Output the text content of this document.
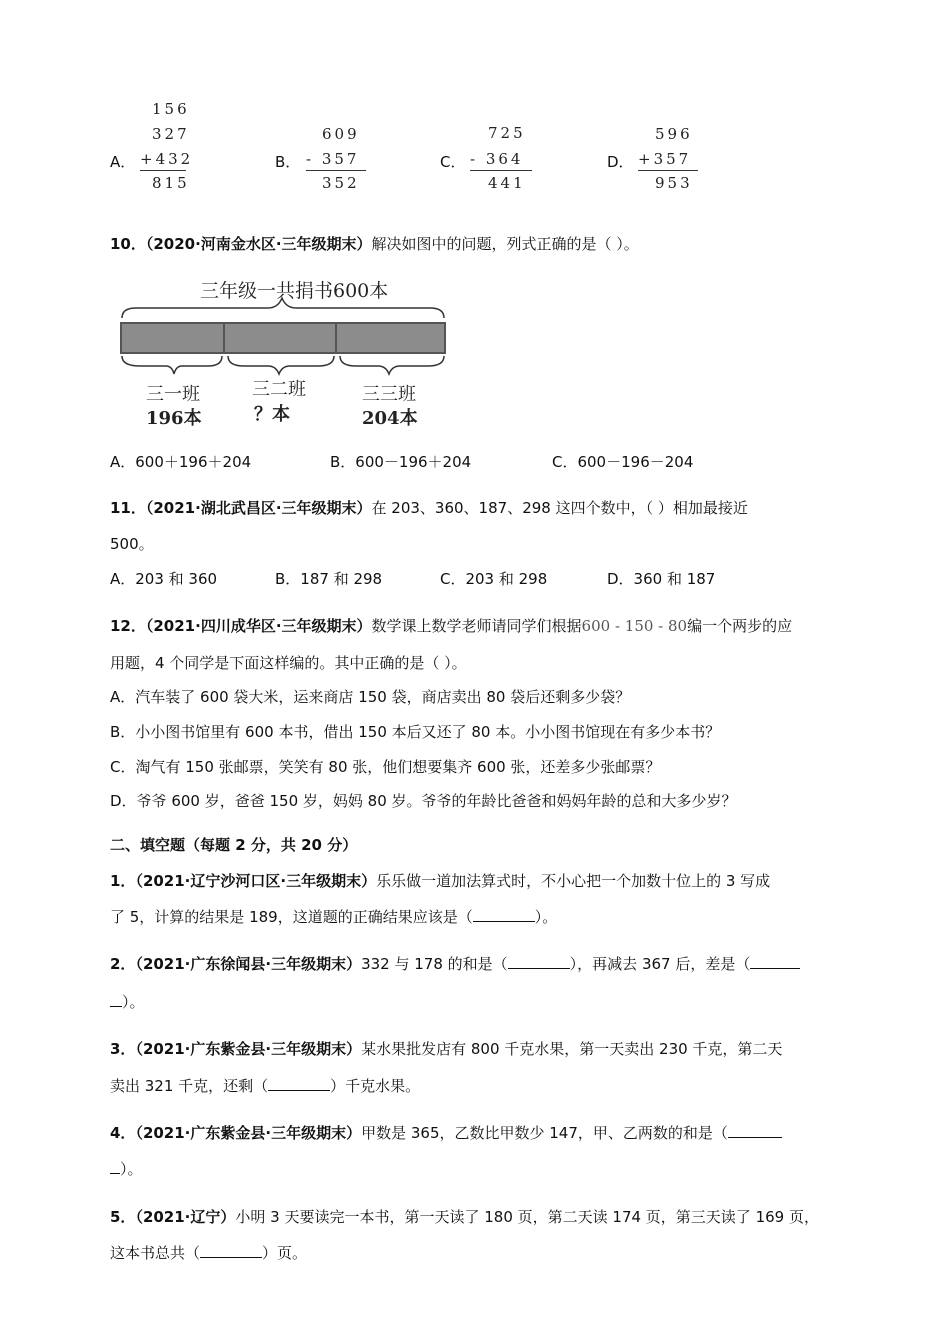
156
327
A． +432
815
609
B． - 357
352
725
C． - 364
441
596
D． +357
953
10．（2020·河南金水区·三年级期末）解决如图中的问题，列式正确的是（ ）。
三年级一共捐书600本
三一班
196本
三二班
？本
三三班
204本
A．600＋196＋204	B．600－196＋204	C．600－196－204
11．（2021·湖北武昌区·三年级期末）在 203、360、187、298 这四个数中，（ ）相加最接近
500。
A．203 和 360	B．187 和 298	C．203 和 298	D．360 和 187
12．（2021·四川成华区·三年级期末）数学课上数学老师请同学们根据600 - 150 - 80编一个两步的应
用题，4 个同学是下面这样编的。其中正确的是（ ）。
A．汽车装了 600 袋大米，运来商店 150 袋，商店卖出 80 袋后还剩多少袋？
B．小小图书馆里有 600 本书，借出 150 本后又还了 80 本。小小图书馆现在有多少本书？
C．淘气有 150 张邮票，笑笑有 80 张，他们想要集齐 600 张，还差多少张邮票？
D．爷爷 600 岁，爸爸 150 岁，妈妈 80 岁。爷爷的年龄比爸爸和妈妈年龄的总和大多少岁？
二、填空题（每题 2 分，共 20 分）
1．（2021·辽宁沙河口区·三年级期末）乐乐做一道加法算式时，不小心把一个加数十位上的 3 写成
了 5，计算的结果是 189，这道题的正确结果应该是（	）。
2．（2021·广东徐闻县·三年级期末）332 与 178 的和是（	），再减去 367 后，差是（
）。
3．（2021·广东紫金县·三年级期末）某水果批发店有 800 千克水果，第一天卖出 230 千克，第二天
卖出 321 千克，还剩（	）千克水果。
4．（2021·广东紫金县·三年级期末）甲数是 365，乙数比甲数少 147，甲、乙两数的和是（
）。
5．（2021·辽宁）小明 3 天要读完一本书，第一天读了 180 页，第二天读 174 页，第三天读了 169 页，
这本书总共（	）页。
